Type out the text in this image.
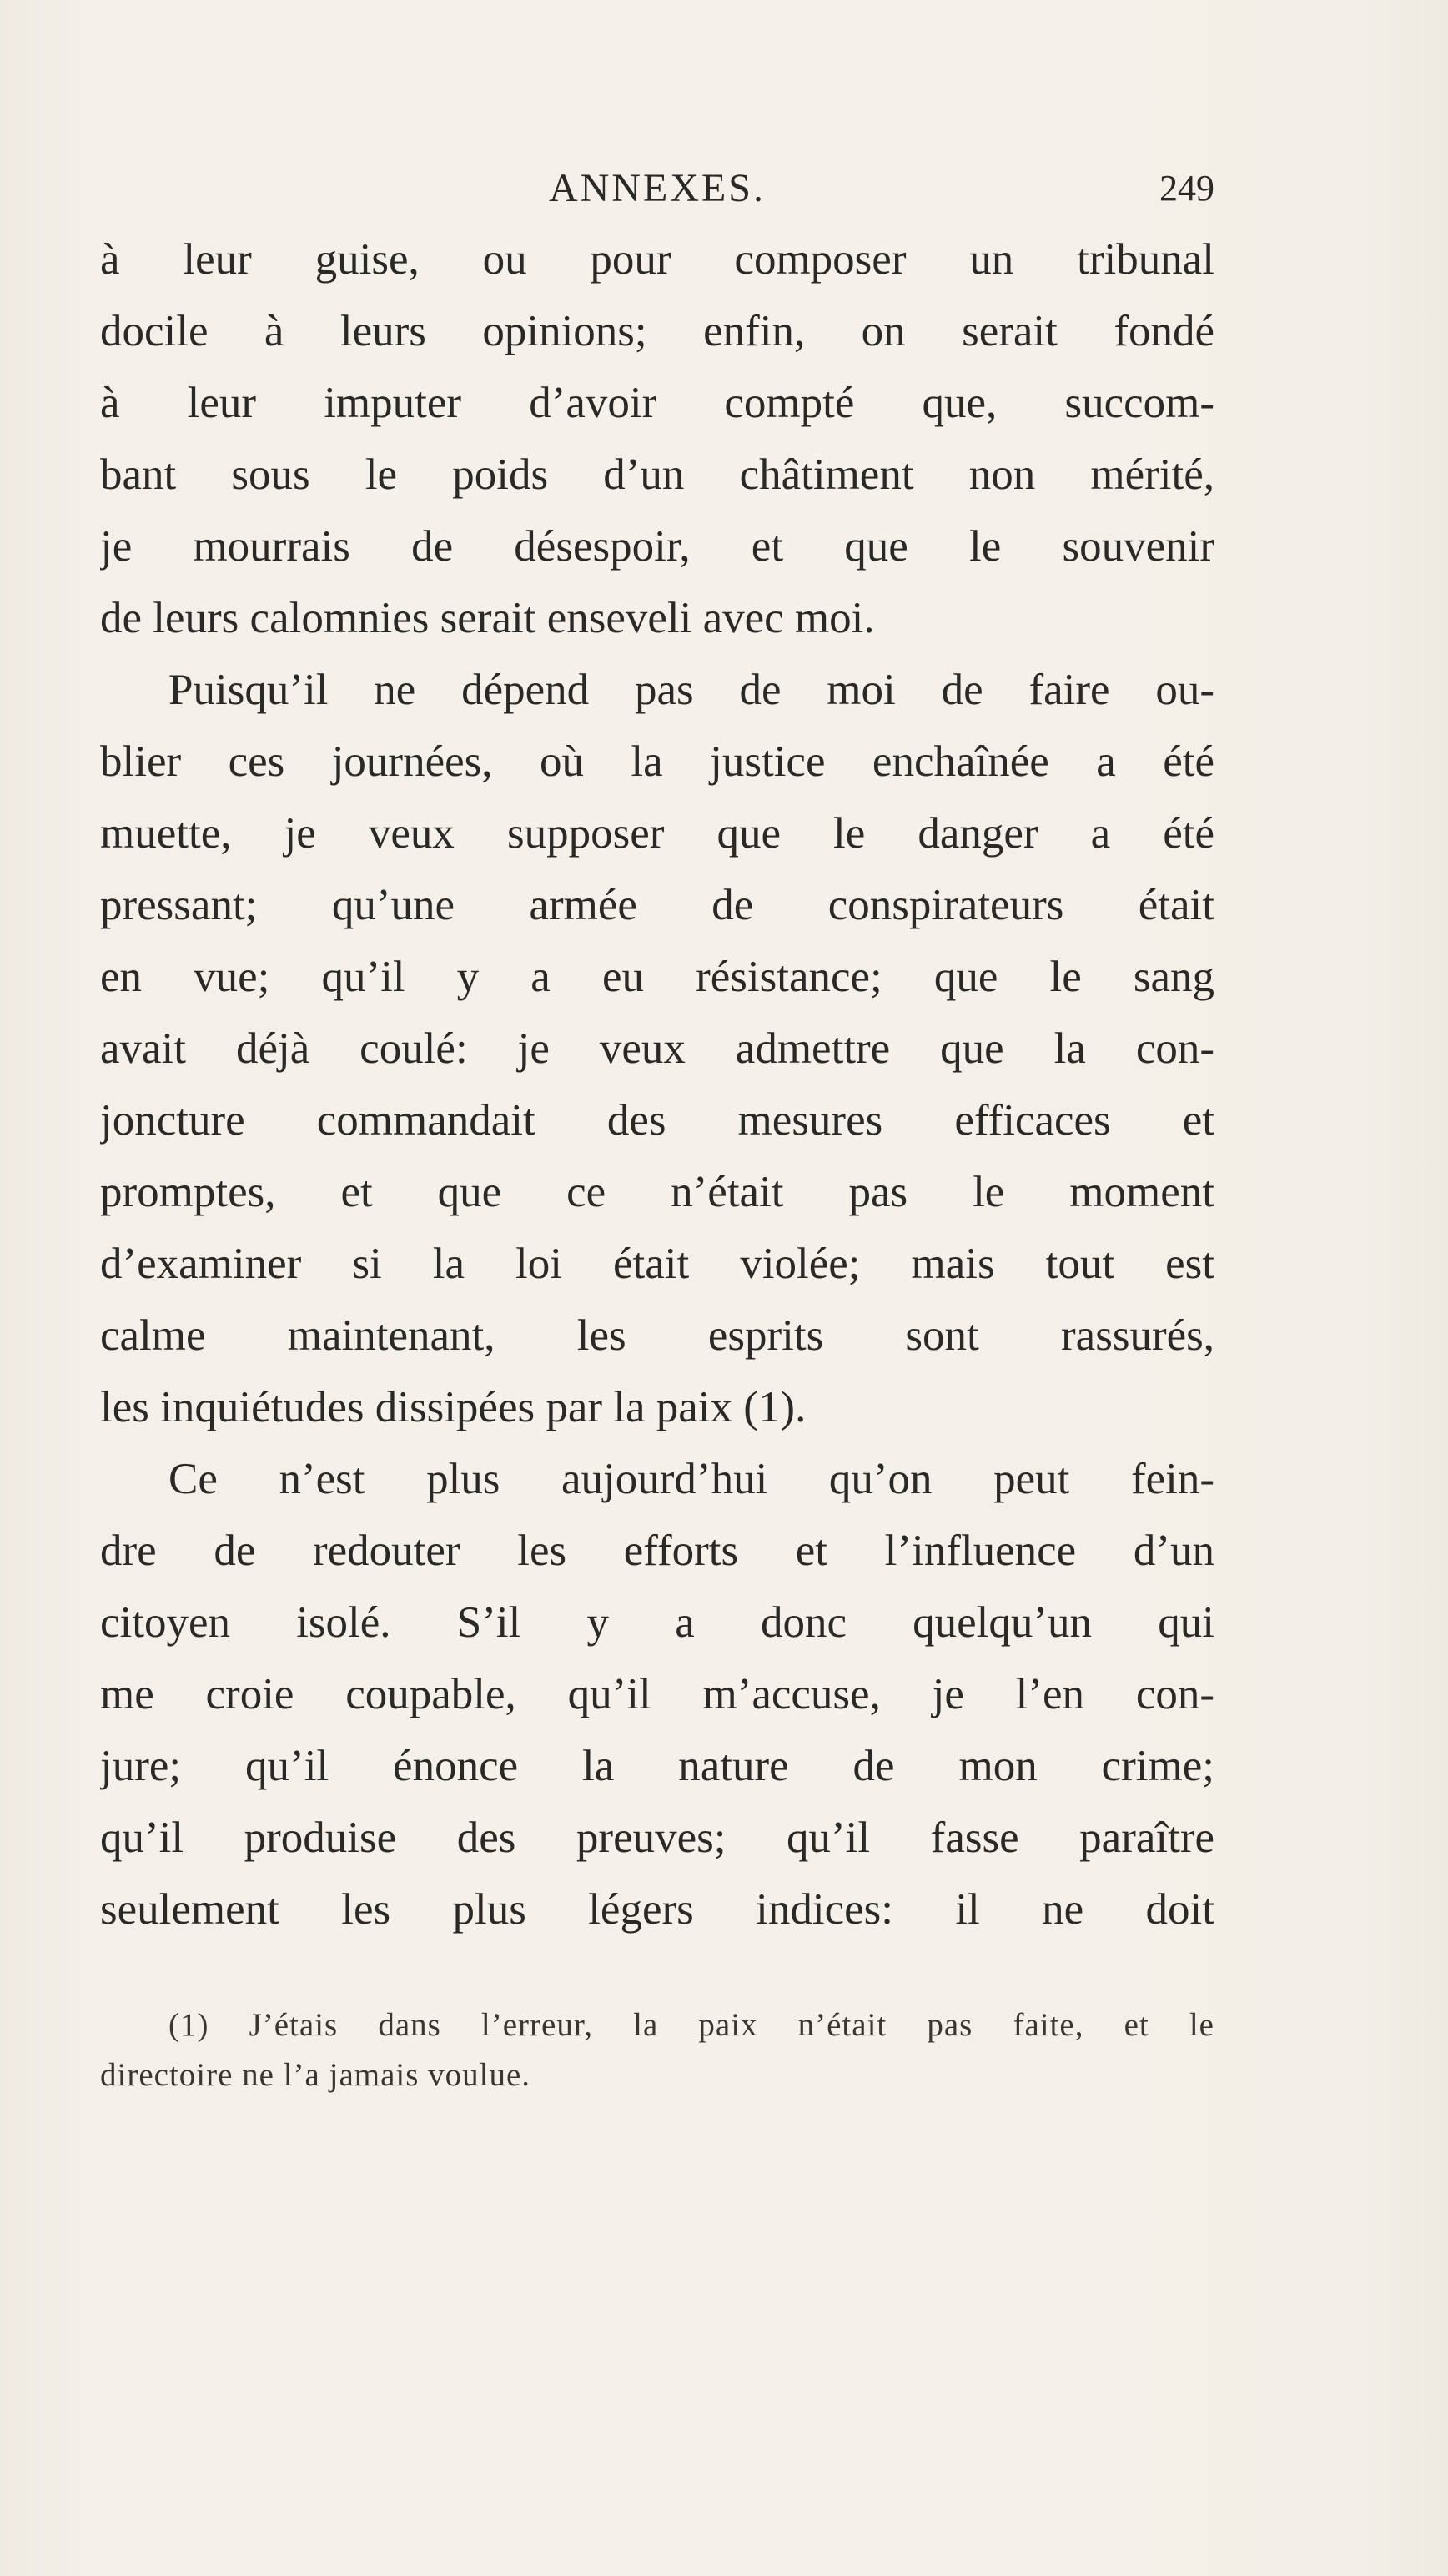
ANNEXES.	249
à leur guise, ou pour composer un tribunal
docile à leurs opinions; enfin, on serait fondé
à leur imputer d’avoir compté que, succom-
bant sous le poids d’un châtiment non mérité,
je mourrais de désespoir, et que le souvenir
de leurs calomnies serait enseveli avec moi.
Puisqu’il ne dépend pas de moi de faire ou-
blier ces journées, où la justice enchaînée a été
muette, je veux supposer que le danger a été
pressant; qu’une armée de conspirateurs était
en vue; qu’il y a eu résistance; que le sang
avait déjà coulé: je veux admettre que la con-
joncture commandait des mesures efficaces et
promptes, et que ce n’était pas le moment
d’examiner si la loi était violée; mais tout est
calme maintenant, les esprits sont rassurés,
les inquiétudes dissipées par la paix (1).
Ce n’est plus aujourd’hui qu’on peut fein-
dre de redouter les efforts et l’influence d’un
citoyen isolé. S’il y a donc quelqu’un qui
me croie coupable, qu’il m’accuse, je l’en con-
jure; qu’il énonce la nature de mon crime;
qu’il produise des preuves; qu’il fasse paraître
seulement les plus légers indices: il ne doit
(1) J’étais dans l’erreur, la paix n’était pas faite, et le
directoire ne l’a jamais voulue.
